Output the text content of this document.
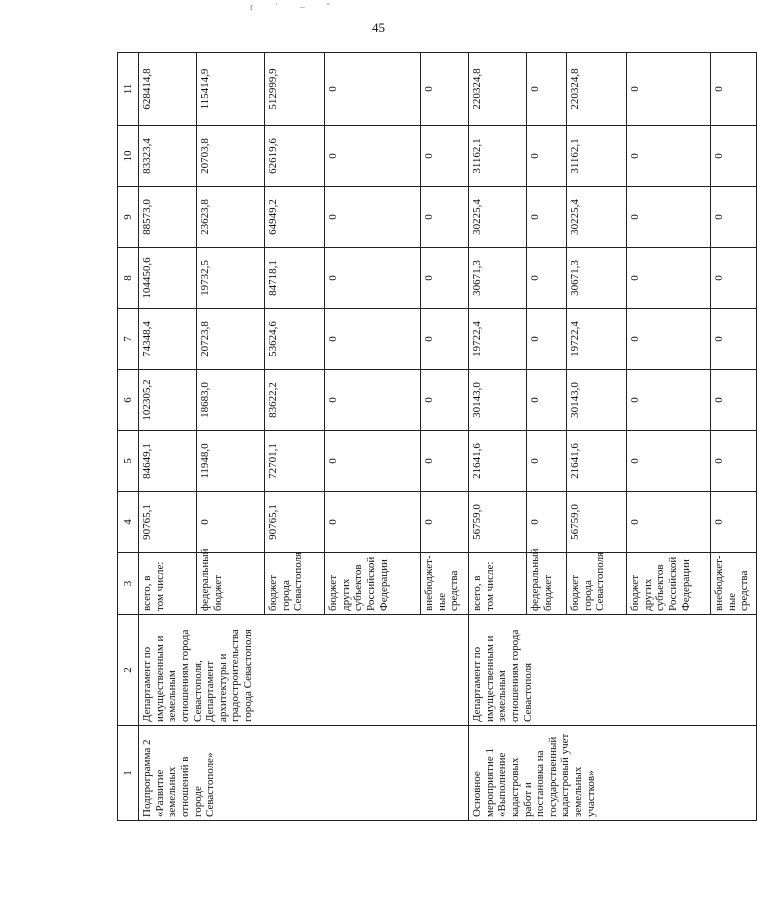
ґˋ–ˆ
45
1	2	3	4	5	6	7	8	9	10	11
Подпрограмма 2 «Развитие земельных отношений в городе Севастополе»	Департамент по имущественным и земельным отношениям города Севастополя, Департамент архитектуры и градостроительства города Севастополя	всего, в том числе:	90765,1	84649,1	102305,2	74348,4	104450,6	88573,0	83323,4	628414,8
		федеральный бюджет	0	11948,0	18683,0	20723,8	19732,5	23623,8	20703,8	115414,9
		бюджет города Севастополя	90765,1	72701,1	83622,2	53624,6	84718,1	64949,2	62619,6	512999,9
		бюджет других субъектов Российской Федерации	0	0	0	0	0	0	0	0
		внебюджет-ные средства	0	0	0	0	0	0	0	0
Основное мероприятие 1 «Выполнение кадастровых работ и постановка на государственный кадастровый учет земельных участков»	Департамент по имущественным и земельным отношениям города Севастополя	всего, в том числе:	56759,0	21641,6	30143,0	19722,4	30671,3	30225,4	31162,1	220324,8
		федеральный бюджет	0	0	0	0	0	0	0	0
		бюджет города Севастополя	56759,0	21641,6	30143,0	19722,4	30671,3	30225,4	31162,1	220324,8
		бюджет других субъектов Российской Федерации	0	0	0	0	0	0	0	0
		внебюджет-ные средства	0	0	0	0	0	0	0	0
